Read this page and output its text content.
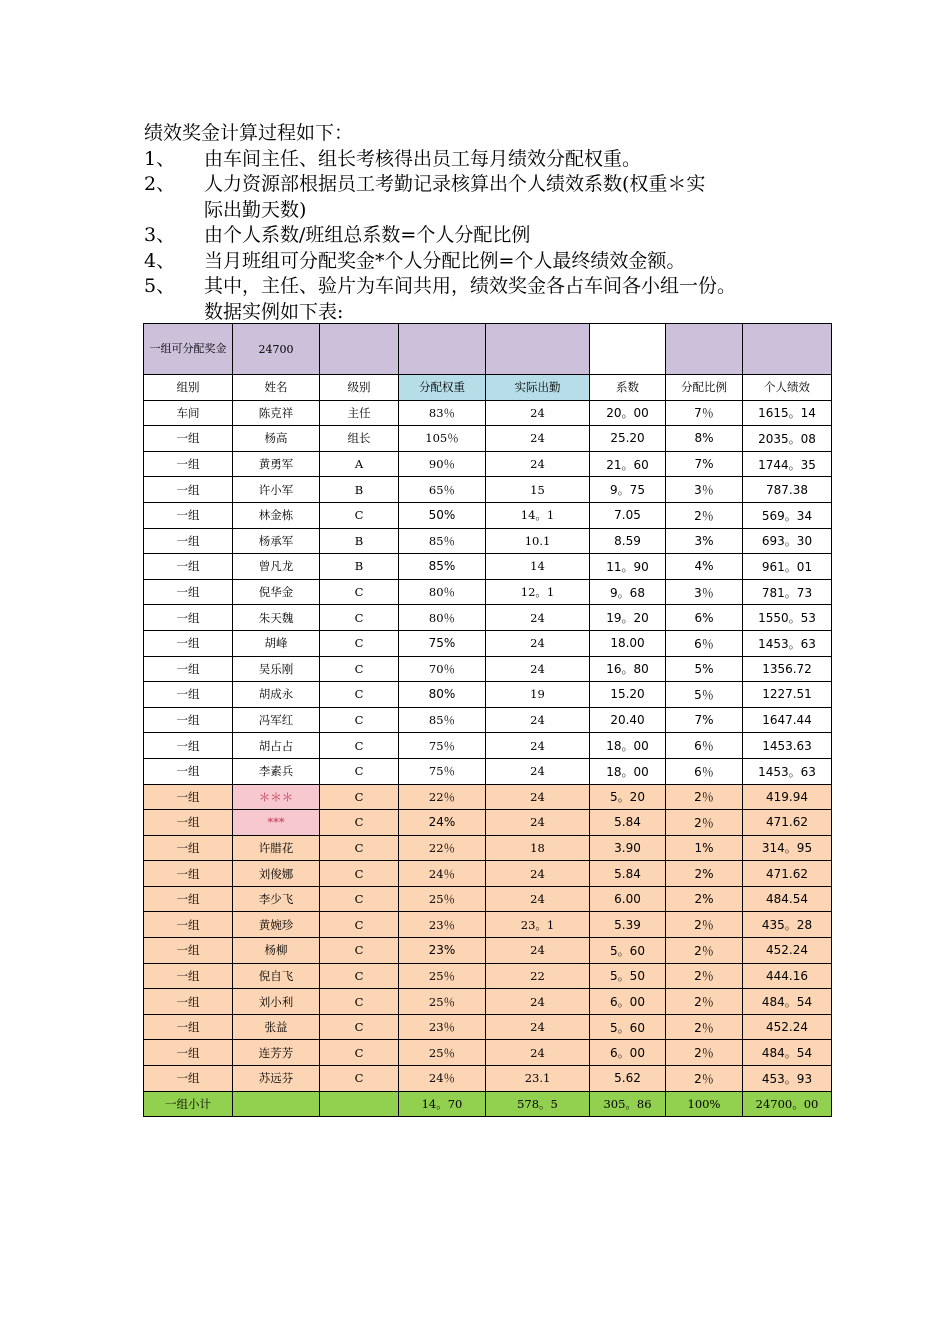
绩效奖金计算过程如下：
1、	由车间主任、组长考核得出员工每月绩效分配权重。
2、	人力资源部根据员工考勤记录核算出个人绩效系数(权重＊实
际出勤天数)
3、	由个人系数/班组总系数=个人分配比例
4、	当月班组可分配奖金*个人分配比例=个人最终绩效金额。
5、	其中，主任、验片为车间共用，绩效奖金各占车间各小组一份。
数据实例如下表:
一组可分配奖金	24700						
组别	姓名	级别	分配权重	实际出勤	系数	分配比例	个人绩效
车间	陈克祥	主任	83％	24	20。00	7％	1615。14
一组	杨高	组长	105％	24	25.20	8%	2035。08
一组	黄勇军	A	90％	24	21。60	7%	1744。35
一组	许小军	B	65％	15	9。75	3％	787.38
一组	林金栋	C	50%	14。1	7.05	2％	569。34
一组	杨承军	B	85％	10.1	8.59	3%	693。30
一组	曾凡龙	B	85%	14	11。90	4%	961。01
一组	倪华金	C	80％	12。1	9。68	3％	781。73
一组	朱天魏	C	80％	24	19。20	6%	1550。53
一组	胡峰	C	75%	24	18.00	6％	1453。63
一组	吴乐刚	C	70％	24	16。80	5%	1356.72
一组	胡成永	C	80%	19	15.20	5％	1227.51
一组	冯军红	C	85％	24	20.40	7%	1647.44
一组	胡占占	C	75％	24	18。00	6％	1453.63
一组	李素兵	C	75％	24	18。00	6％	1453。63
一组	＊＊＊	C	22％	24	5。20	2％	419.94
一组	***	C	24%	24	5.84	2％	471.62
一组	许腊花	C	22％	18	3.90	1%	314。95
一组	刘俊娜	C	24％	24	5.84	2%	471.62
一组	李少飞	C	25％	24	6.00	2%	484.54
一组	黄婉珍	C	23％	23。1	5.39	2％	435。28
一组	杨柳	C	23%	24	5。60	2％	452.24
一组	倪自飞	C	25％	22	5。50	2％	444.16
一组	刘小利	C	25％	24	6。00	2％	484。54
一组	张益	C	23％	24	5。60	2％	452.24
一组	连芳芳	C	25％	24	6。00	2％	484。54
一组	苏远芬	C	24％	23.1	5.62	2％	453。93
一组小计			14。70	578。5	305。86	100%	24700。00
